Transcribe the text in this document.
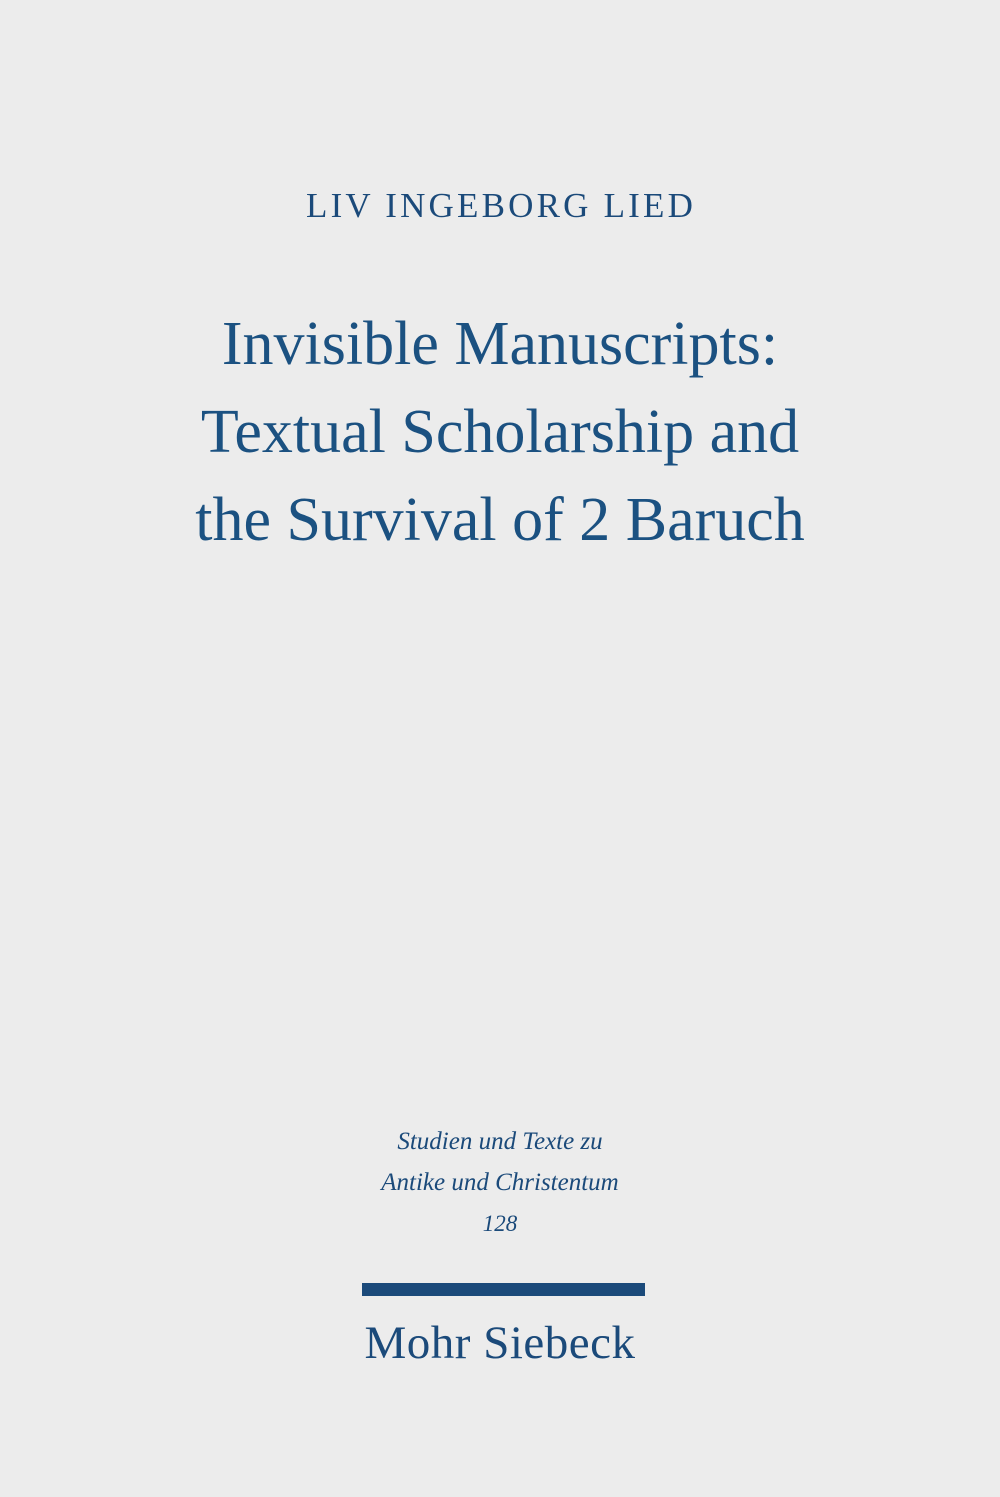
LIV INGEBORG LIED
Invisible Manuscripts:
Textual Scholarship and
the Survival of 2 Baruch
Studien und Texte zu
Antike und Christentum
128
Mohr Siebeck
